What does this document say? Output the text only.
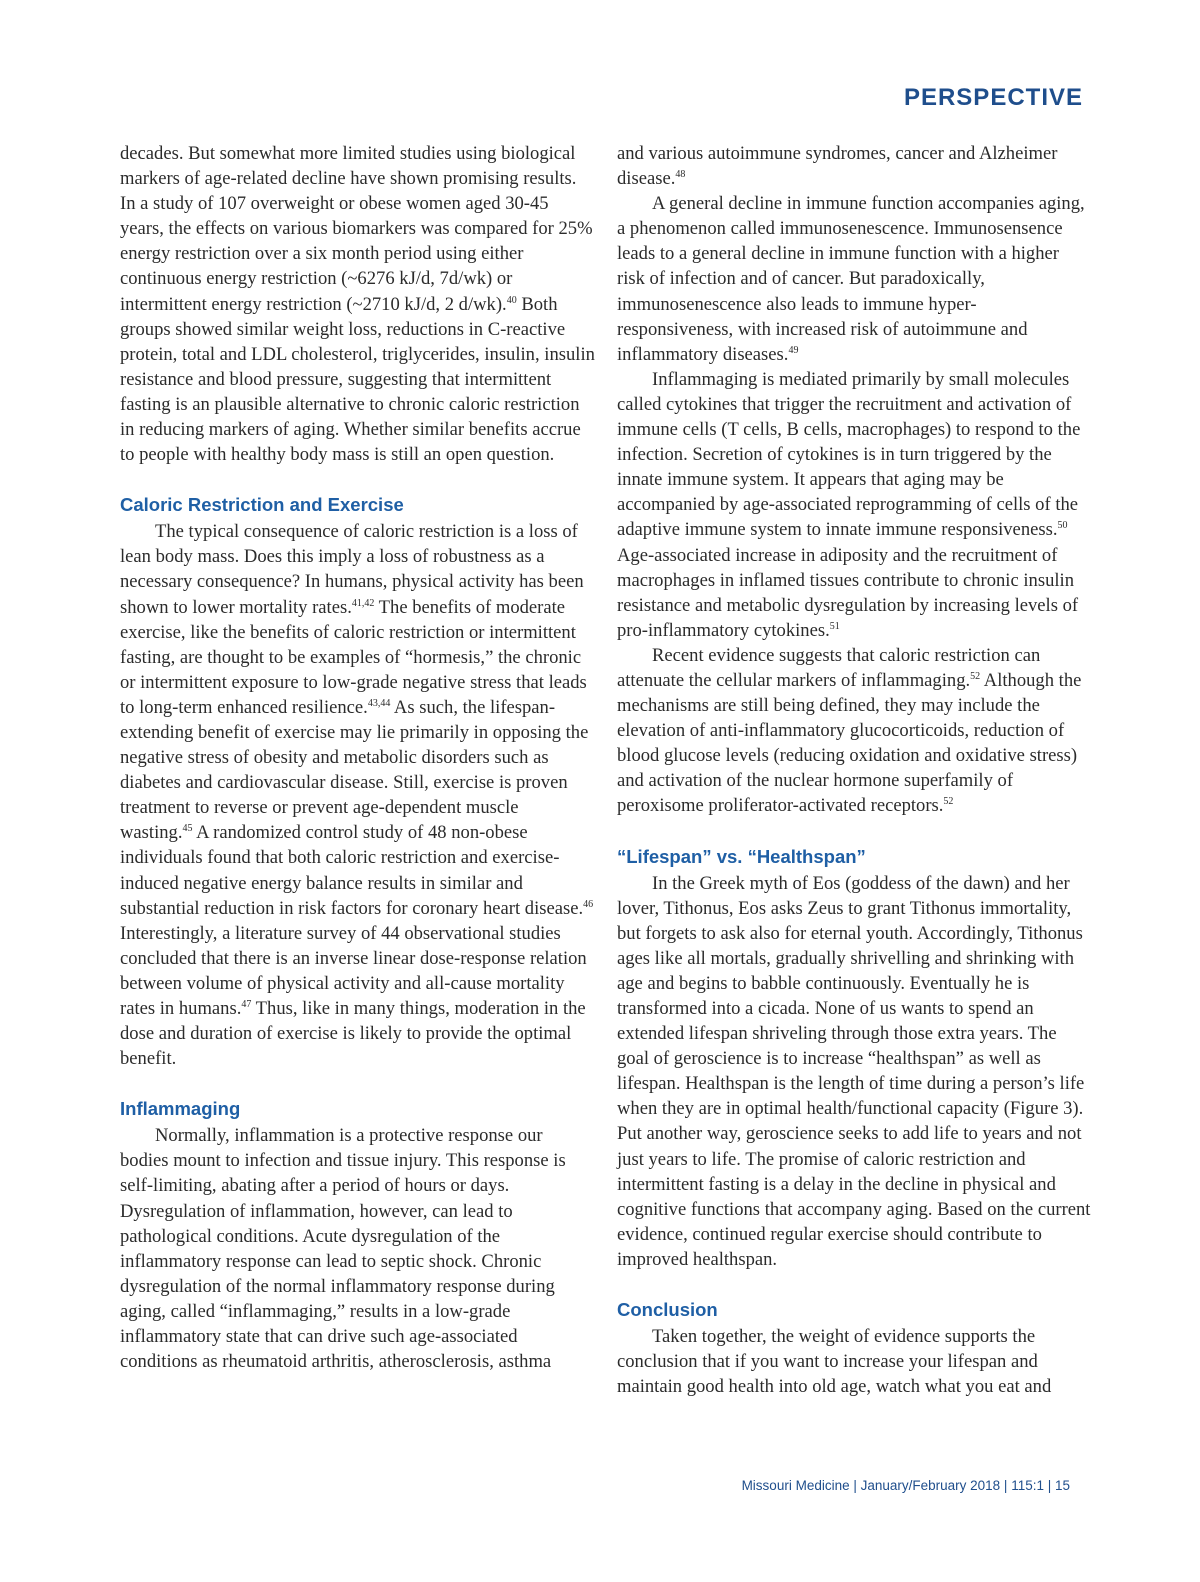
PERSPECTIVE

decades. But somewhat more limited studies using biological markers of age-related decline have shown promising results. In a study of 107 overweight or obese women aged 30-45 years, the effects on various biomarkers was compared for 25% energy restriction over a six month period using either continuous energy restriction (~6276 kJ/d, 7d/wk) or intermittent energy restriction (~2710 kJ/d, 2 d/wk).$^{40}$ Both groups showed similar weight loss, reductions in C-reactive protein, total and LDL cholesterol, triglycerides, insulin, insulin resistance and blood pressure, suggesting that intermittent fasting is an plausible alternative to chronic caloric restriction in reducing markers of aging. Whether similar benefits accrue to people with healthy body mass is still an open question.

Caloric Restriction and Exercise

The typical consequence of caloric restriction is a loss of lean body mass. Does this imply a loss of robustness as a necessary consequence? In humans, physical activity has been shown to lower mortality rates.$^{41,42}$ The benefits of moderate exercise, like the benefits of caloric restriction or intermittent fasting, are thought to be examples of “hormesis,” the chronic or intermittent exposure to low-grade negative stress that leads to long-term enhanced resilience.$^{43,44}$ As such, the lifespan-extending benefit of exercise may lie primarily in opposing the negative stress of obesity and metabolic disorders such as diabetes and cardiovascular disease. Still, exercise is proven treatment to reverse or prevent age-dependent muscle wasting.$^{45}$ A randomized control study of 48 non-obese individuals found that both caloric restriction and exercise-induced negative energy balance results in similar and substantial reduction in risk factors for coronary heart disease.$^{46}$ Interestingly, a literature survey of 44 observational studies concluded that there is an inverse linear dose-response relation between volume of physical activity and all-cause mortality rates in humans.$^{47}$ Thus, like in many things, moderation in the dose and duration of exercise is likely to provide the optimal benefit.

Inflammaging

Normally, inflammation is a protective response our bodies mount to infection and tissue injury. This response is self-limiting, abating after a period of hours or days. Dysregulation of inflammation, however, can lead to pathological conditions. Acute dysregulation of the inflammatory response can lead to septic shock. Chronic dysregulation of the normal inflammatory response during aging, called “inflammaging,” results in a low-grade inflammatory state that can drive such age-associated conditions as rheumatoid arthritis, atherosclerosis, asthma

and various autoimmune syndromes, cancer and Alzheimer disease.$^{48}$

A general decline in immune function accompanies aging, a phenomenon called immunosenescence. Immunosensence leads to a general decline in immune function with a higher risk of infection and of cancer. But paradoxically, immunosenescence also leads to immune hyper-responsiveness, with increased risk of autoimmune and inflammatory diseases.$^{49}$

Inflammaging is mediated primarily by small molecules called cytokines that trigger the recruitment and activation of immune cells (T cells, B cells, macrophages) to respond to the infection. Secretion of cytokines is in turn triggered by the innate immune system. It appears that aging may be accompanied by age-associated reprogramming of cells of the adaptive immune system to innate immune responsiveness.$^{50}$ Age-associated increase in adiposity and the recruitment of macrophages in inflamed tissues contribute to chronic insulin resistance and metabolic dysregulation by increasing levels of pro-inflammatory cytokines.$^{51}$

Recent evidence suggests that caloric restriction can attenuate the cellular markers of inflammaging.$^{52}$ Although the mechanisms are still being defined, they may include the elevation of anti-inflammatory glucocorticoids, reduction of blood glucose levels (reducing oxidation and oxidative stress) and activation of the nuclear hormone superfamily of peroxisome proliferator-activated receptors.$^{52}$

“Lifespan” vs. “Healthspan”

In the Greek myth of Eos (goddess of the dawn) and her lover, Tithonus, Eos asks Zeus to grant Tithonus immortality, but forgets to ask also for eternal youth. Accordingly, Tithonus ages like all mortals, gradually shrivelling and shrinking with age and begins to babble continuously. Eventually he is transformed into a cicada. None of us wants to spend an extended lifespan shriveling through those extra years. The goal of geroscience is to increase “healthspan” as well as lifespan. Healthspan is the length of time during a person’s life when they are in optimal health/functional capacity (Figure 3). Put another way, geroscience seeks to add life to years and not just years to life. The promise of caloric restriction and intermittent fasting is a delay in the decline in physical and cognitive functions that accompany aging. Based on the current evidence, continued regular exercise should contribute to improved healthspan.

Conclusion

Taken together, the weight of evidence supports the conclusion that if you want to increase your lifespan and maintain good health into old age, watch what you eat and

Missouri Medicine | January/February 2018 | 115:1 | 15
